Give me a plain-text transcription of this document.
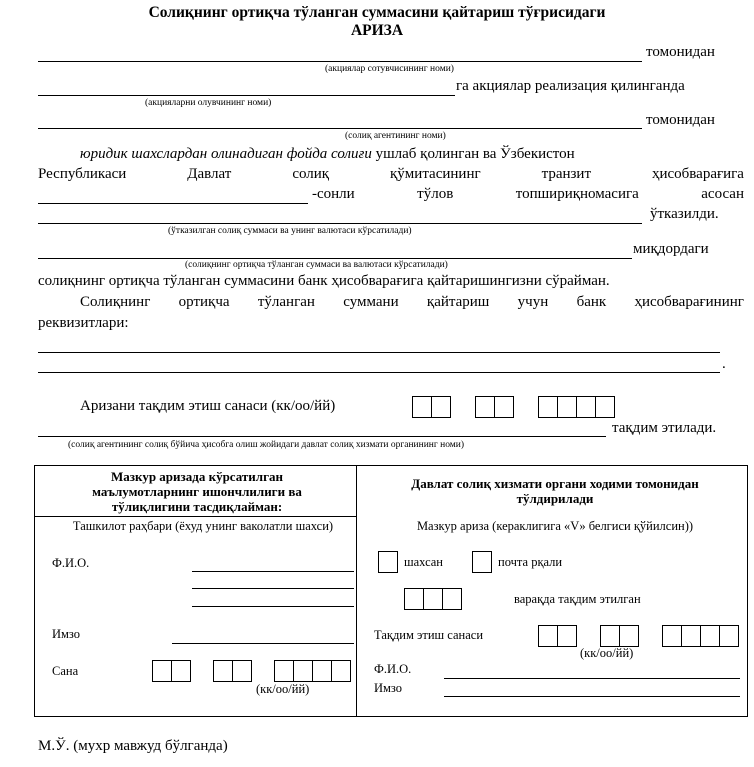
Солиқнинг ортиқча тўланган суммасини қайтариш тўғрисидаги
АРИЗА
томонидан
(акциялар сотувчисининг номи)
га акциялар реализация қилинганда
(акцияларни олувчининг номи)
томонидан
(солиқ агентининг номи)
юридик шахслардан олинадиган фойда солиғи ушлаб қолинган ва Ўзбекистон
Республикаси	Давлат	солиқ	қўмитасининг	транзит	ҳисобварағига
-сонли	тўлов	топшириқномасига	асосан
ўтказилди.
(ўтказилган солиқ суммаси ва унинг валютаси кўрсатилади)
миқдордаги
(солиқнинг ортиқча тўланган суммаси ва валютаси кўрсатилади)
солиқнинг ортиқча тўланган суммасини банк ҳисобварағига қайтаришингизни сўрайман.
Солиқнинг ортиқча тўланган суммани қайтариш учун банк ҳисобварағининг
реквизитлари:
.
Аризани тақдим этиш санаси (кк/оо/йй)
тақдим этилади.
(солиқ агентининг солиқ бўйича ҳисобга олиш жойидаги давлат солиқ хизмати органининг номи)
Мазкур аризада кўрсатилган маълумотларнинг ишончлилиги ва тўлиқлигини тасдиқлайман:
Ташкилот раҳбари (ёхуд унинг ваколатли шахси)
Ф.И.О.
Имзо
Сана
(кк/оо/йй)
Давлат солиқ хизмати органи ходими томонидан тўлдирилади
Мазкур ариза (кераклигига «V» белгиси қўйилсин))
шахсан	почта рқали
варақда тақдим этилган
Тақдим этиш санаси
(кк/оо/йй)
Ф.И.О.
Имзо
М.Ў. (мухр мавжуд бўлганда)
